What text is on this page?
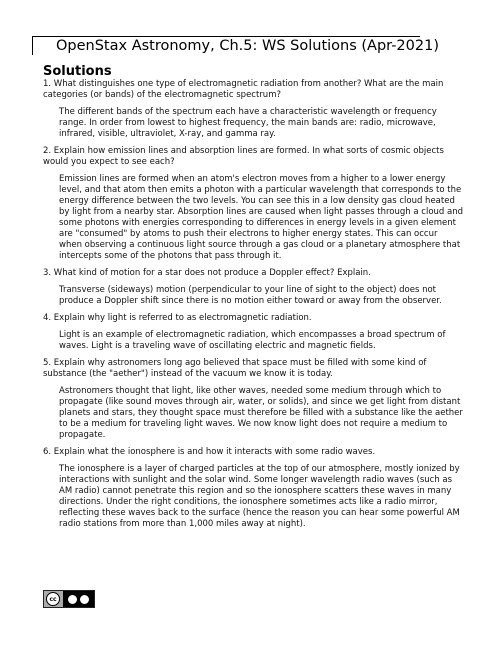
OpenStax Astronomy, Ch.5: WS Solutions (Apr-2021)
Solutions

1. What distinguishes one type of electromagnetic radiation from another? What are the main categories (or bands) of the electromagnetic spectrum?

The different bands of the spectrum each have a characteristic wavelength or frequency range. In order from lowest to highest frequency, the main bands are: radio, microwave, infrared, visible, ultraviolet, X-ray, and gamma ray.

2. Explain how emission lines and absorption lines are formed. In what sorts of cosmic objects would you expect to see each?

Emission lines are formed when an atom's electron moves from a higher to a lower energy level, and that atom then emits a photon with a particular wavelength that corresponds to the energy difference between the two levels. You can see this in a low density gas cloud heated by light from a nearby star. Absorption lines are caused when light passes through a cloud and some photons with energies corresponding to differences in energy levels in a given element are "consumed" by atoms to push their electrons to higher energy states. This can occur when observing a continuous light source through a gas cloud or a planetary atmosphere that intercepts some of the photons that pass through it.

3. What kind of motion for a star does not produce a Doppler effect? Explain.

Transverse (sideways) motion (perpendicular to your line of sight to the object) does not produce a Doppler shift since there is no motion either toward or away from the observer.

4. Explain why light is referred to as electromagnetic radiation.

Light is an example of electromagnetic radiation, which encompasses a broad spectrum of waves. Light is a traveling wave of oscillating electric and magnetic fields.

5. Explain why astronomers long ago believed that space must be filled with some kind of substance (the "aether") instead of the vacuum we know it is today.

Astronomers thought that light, like other waves, needed some medium through which to propagate (like sound moves through air, water, or solids), and since we get light from distant planets and stars, they thought space must therefore be filled with a substance like the aether to be a medium for traveling light waves. We now know light does not require a medium to propagate.

6. Explain what the ionosphere is and how it interacts with some radio waves.

The ionosphere is a layer of charged particles at the top of our atmosphere, mostly ionized by interactions with sunlight and the solar wind. Some longer wavelength radio waves (such as AM radio) cannot penetrate this region and so the ionosphere scatters these waves in many directions. Under the right conditions, the ionosphere sometimes acts like a radio mirror, reflecting these waves back to the surface (hence the reason you can hear some powerful AM radio stations from more than 1,000 miles away at night).

cc
